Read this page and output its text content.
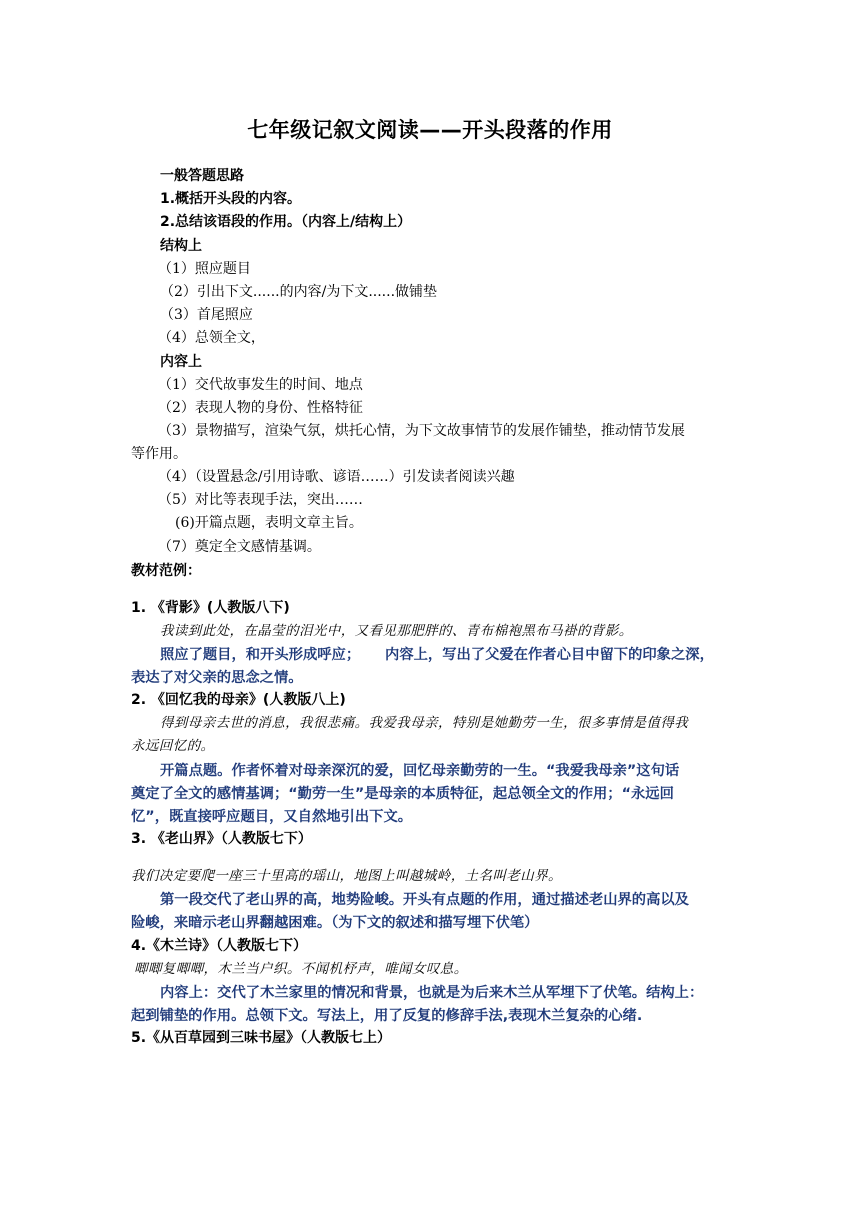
七年级记叙文阅读——开头段落的作用
一般答题思路
1.概括开头段的内容。
2.总结该语段的作用。（内容上/结构上）
结构上
（1）照应题目
（2）引出下文......的内容/为下文......做铺垫
（3）首尾照应
（4）总领全文，
内容上
（1）交代故事发生的时间、地点
（2）表现人物的身份、性格特征
（3）景物描写，渲染气氛，烘托心情，为下文故事情节的发展作铺垫，推动情节发展
等作用。
（4）（设置悬念/引用诗歌、谚语……）引发读者阅读兴趣
（5）对比等表现手法，突出……
(6)开篇点题，表明文章主旨。
（7）奠定全文感情基调。
教材范例：
1. 《背影》(人教版八下)
我读到此处，在晶莹的泪光中，又看见那肥胖的、青布棉袍黑布马褂的背影。
照应了题目，和开头形成呼应；     内容上，写出了父爱在作者心目中留下的印象之深，
表达了对父亲的思念之情。
2. 《回忆我的母亲》(人教版八上)
得到母亲去世的消息，我很悲痛。我爱我母亲，特别是她勤劳一生，很多事情是值得我
永远回忆的。
开篇点题。作者怀着对母亲深沉的爱，回忆母亲勤劳的一生。“我爱我母亲”这句话
奠定了全文的感情基调；“勤劳一生”是母亲的本质特征，起总领全文的作用；“永远回
忆”，既直接呼应题目，又自然地引出下文。
3. 《老山界》（人教版七下）
我们决定要爬一座三十里高的瑶山，地图上叫越城岭，土名叫老山界。
第一段交代了老山界的高，地势险峻。开头有点题的作用，通过描述老山界的高以及
险峻，来暗示老山界翻越困难。（为下文的叙述和描写埋下伏笔）
4.《木兰诗》（人教版七下）
唧唧复唧唧，木兰当户织。不闻机杼声，唯闻女叹息。
内容上：交代了木兰家里的情况和背景，也就是为后来木兰从军埋下了伏笔。结构上：
起到铺垫的作用。总领下文。写法上，用了反复的修辞手法,表现木兰复杂的心绪.
5.《从百草园到三味书屋》（人教版七上）
